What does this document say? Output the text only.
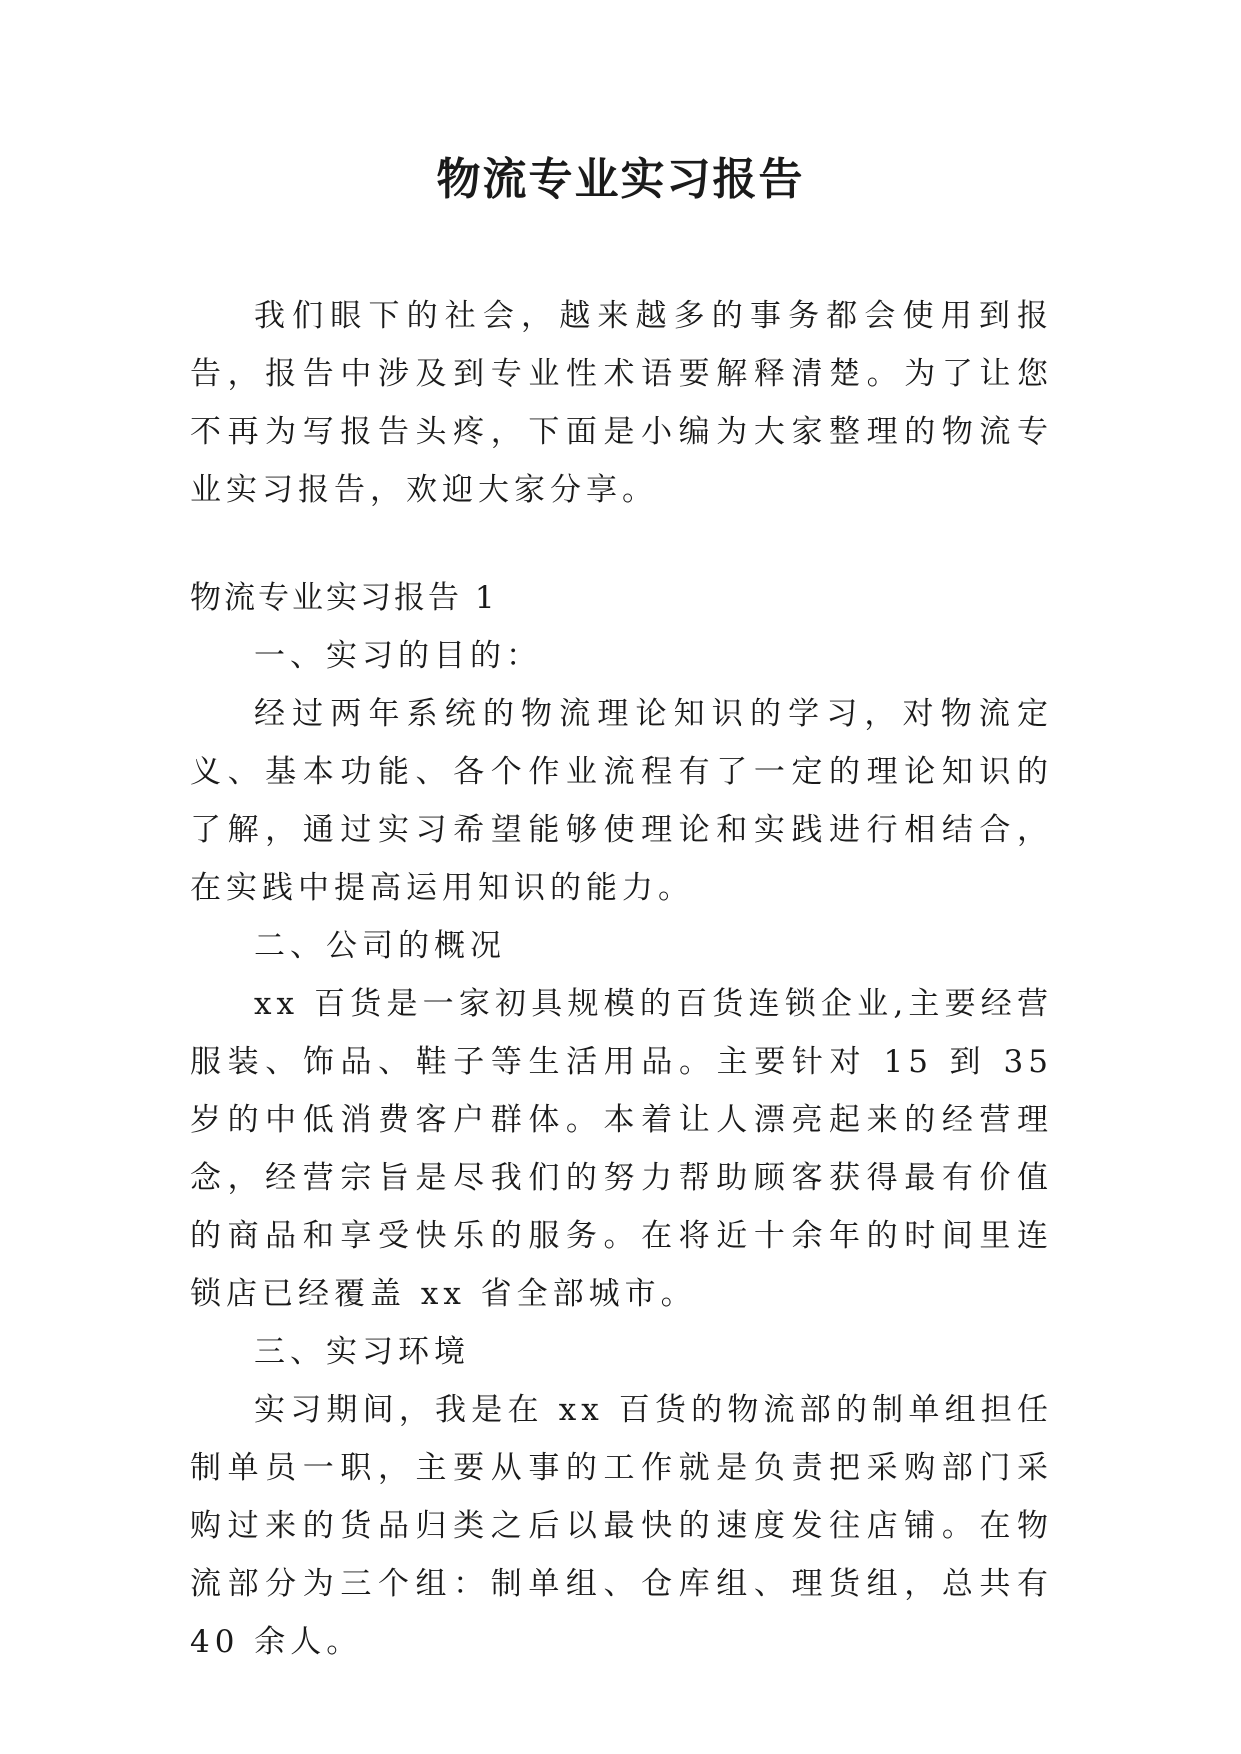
物流专业实习报告

我们眼下的社会，越来越多的事务都会使用到报告，报告中涉及到专业性术语要解释清楚。为了让您不再为写报告头疼，下面是小编为大家整理的物流专业实习报告，欢迎大家分享。

物流专业实习报告 1

一、实习的目的：

经过两年系统的物流理论知识的学习，对物流定义、基本功能、各个作业流程有了一定的理论知识的了解，通过实习希望能够使理论和实践进行相结合，在实践中提高运用知识的能力。

二、公司的概况

xx 百货是一家初具规模的百货连锁企业,主要经营服装、饰品、鞋子等生活用品。主要针对 15 到 35 岁的中低消费客户群体。本着让人漂亮起来的经营理念，经营宗旨是尽我们的努力帮助顾客获得最有价值的商品和享受快乐的服务。在将近十余年的时间里连锁店已经覆盖 xx 省全部城市。

三、实习环境

实习期间，我是在 xx 百货的物流部的制单组担任制单员一职，主要从事的工作就是负责把采购部门采购过来的货品归类之后以最快的速度发往店铺。在物流部分为三个组：制单组、仓库组、理货组，总共有 40 余人。
